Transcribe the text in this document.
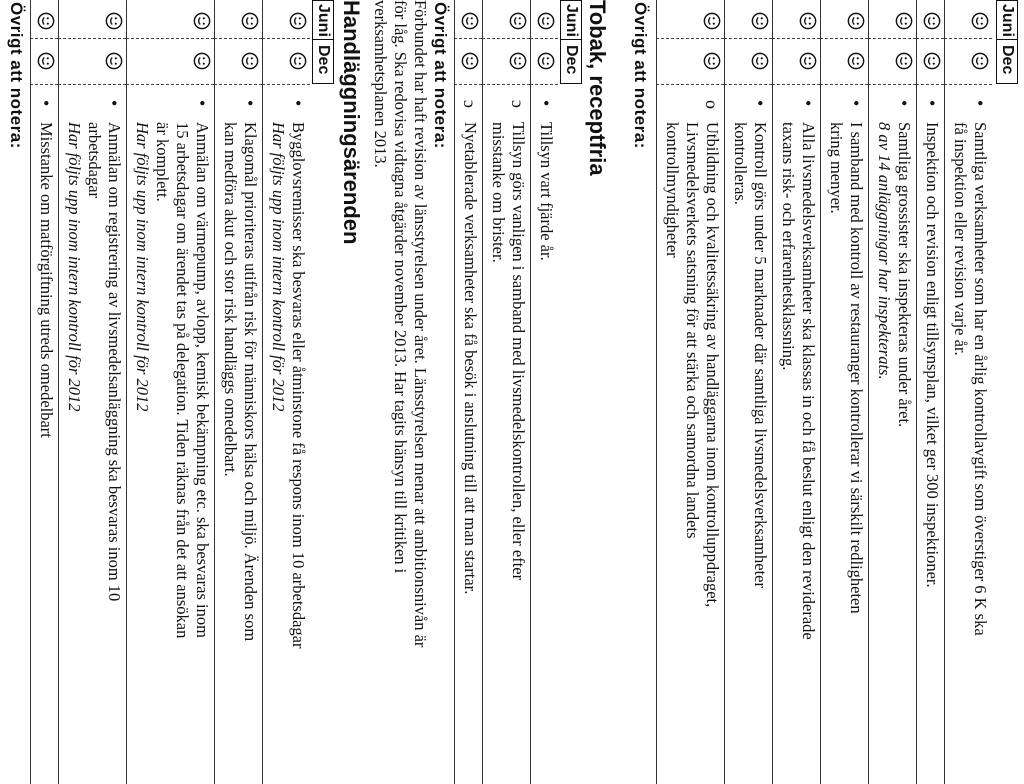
Juni
Dec
•
Samtliga verksamheter som har en årlig kontrollavgift som överstiger 6 K ska
få inspektion eller revision varje år.
•
Inspektion och revision enligt tillsynsplan, vilket ger 300 inspektioner.
•
Samtliga grossister ska inspekteras under året.
8 av 14 anläggningar har inspekterats.
•
I samband med kontroll av restauranger kontrollerar vi särskilt redligheten
kring menyer.
•
Alla livsmedelsverksamheter ska klassas in och få beslut enligt den reviderade
taxans risk- och erfarenhetsklassning.
•
Kontroll görs under 5 marknader där samtliga livsmedelsverksamheter
kontrolleras.
o
Utbildning och kvalitetssäkring av handläggarna inom kontrolluppdraget,
Livsmedelsverkets satsning för att stärka och samordna landets
kontrollmyndigheter
Övrigt att notera:
Tobak, receptfria
Juni
Dec
•
Tillsyn vart fjärde år.
ɔ
Tillsyn görs vanligen i samband med livsmedelskontrollen, eller efter
misstanke om brister.
ɔ
Nyetablerade verksamheter ska få besök i anslutning till att man startar.
Övrigt att notera:
Förbundet har haft revision av länsstyrelsen under året. Länsstyrelsen menar att ambitionsnivån är
för låg. Ska redovisa vidtagna åtgärder november 2013. Har tagits hänsyn till kritiken i
verksamhetsplanen 2013.
Handläggningsärenden
Juni
Dec
•
Bygglovsremisser ska besvaras eller åtminstone få respons inom 10 arbetsdagar
Har följts upp inom intern kontroll för 2012
•
Klagomål prioriteras utifrån risk för människors hälsa och miljö. Ärenden som
kan medföra akut och stor risk handläggs omedelbart.
•
Anmälan om värmepump, avlopp, kemisk bekämpning etc. ska besvaras inom
15 arbetsdagar om ärendet tas på delegation. Tiden räknas från det att ansökan
är komplett.
Har följts upp inom intern kontroll för 2012
•
Anmälan om registrering av livsmedelsanläggning ska besvaras inom 10
arbetsdagar
Har följts upp inom intern kontroll för 2012
•
Misstanke om matförgiftning utreds omedelbart
Övrigt att notera:
